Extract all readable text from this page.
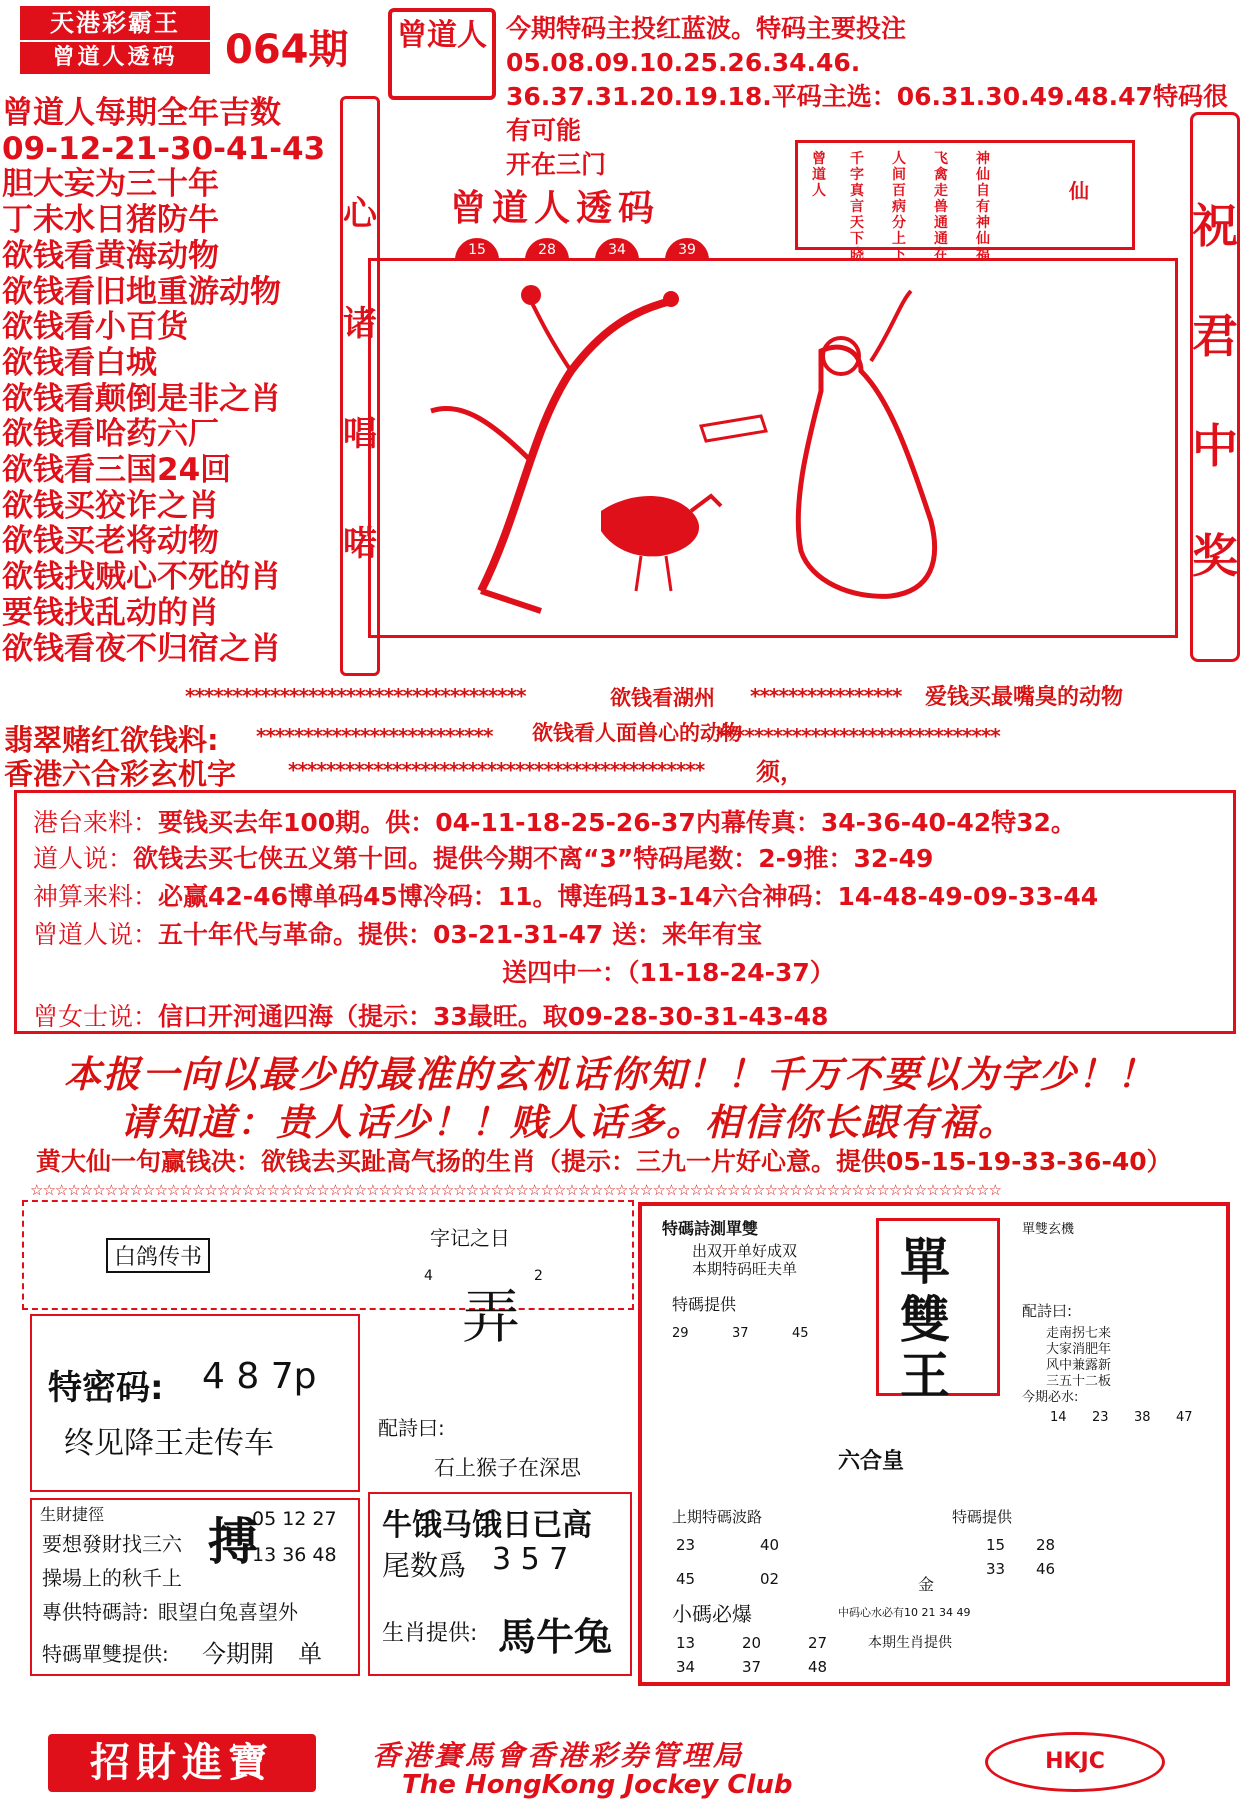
天港彩霸王
曾道人透码	064期	曾道人 今期特码主投红蓝波。特码主要投注05.08.09.10.25.26.34.46.
36.37.31.20.19.18.平码主选：06.31.30.49.48.47特码很有可能
开在三门
曾道人每期全年吉数
09-12-21-30-41-43
胆大妄为三十年
丁未水日猪防牛
欲钱看黄海动物
欲钱看旧地重游动物
欲钱看小百货
欲钱看白城
欲钱看颠倒是非之肖
欲钱看哈药六厂
欲钱看三国24回
欲钱买狡诈之肖
欲钱买老将动物
欲钱找贼心不死的肖
要钱找乱动的肖
欲钱看夜不归宿之肖
心
诸
唱
喏
祝
君
中
奖
曾道人透码
15	28	34	39
曾道人
千字真言天下晓
人间百病分上下
飞禽走兽通通在
神仙自有神仙福
仙
************************************	欲钱看湖州 **************** 爱钱买最嘴臭的动物
翡翠赌红欲钱料: ************************* 欲钱看人面兽心的动物
******************************
香港六合彩玄机字	******************************************** 须，
港台来料：要钱买去年100期。供：04-11-18-25-26-37内幕传真：34-36-40-42特32。
道人说：欲钱去买七侠五义第十回。提供今期不离“3”特码尾数：2-9推：32-49
神算来料：必赢42-46博单码45博冷码：11。博连码13-14六合神码：14-48-49-09-33-44
曾道人说：五十年代与革命。提供：03-21-31-47 送：来年有宝
送四中一：（11-18-24-37）
曾女士说：信口开河通四海（提示：33最旺。取09-28-30-31-43-48
本报一向以最少的最准的玄机话你知！！千万不要以为字少！！
请知道：贵人话少！！贱人话多。相信你长跟有福。
黄大仙一句赢钱决：欲钱去买趾高气扬的生肖（提示：三九一片好心意。提供05-15-19-33-36-40）
☆☆☆☆☆☆☆☆☆☆☆☆☆☆☆☆☆☆☆☆☆☆☆☆☆☆☆☆☆☆☆☆☆☆☆☆☆☆☆☆☆☆☆☆☆☆☆☆☆☆☆☆☆☆☆☆☆☆☆☆☆☆☆☆☆☆☆☆☆☆☆☆☆☆☆☆☆☆
白鸽传书
字记之日
4	2
弄
特密码: 4 8 7p
终见降王走传车	配詩曰:
石上猴子在深思
生財捷徑
要想發財找三六
操場上的秋千上
專供特碼詩: 眼望白兔喜望外
特碼單雙提供: 今期開　单
搏
05 12 27
13 36 48
牛饿马饿日已高
尾数爲 3 5 7
生肖提供: 馬牛兔
特碼詩測單雙
出双开单好成双
本期特码旺夫单
特碼提供
29	37	45
單
雙
王
單雙玄機
配詩曰:
走南拐七来
大家消肥年
风中兼露新
三五十二板
今期必水:
14 23 38 47
六合皇
上期特碼波路	特碼提供
23	40	15 28
45	02
33 46
金
小碼必爆	中码心水必有10 21 34 49
13	20	27
34	37	48
本期生肖提供
招財進寶	香港賽馬會香港彩券管理局
The HongKong Jockey Club
HKJC
